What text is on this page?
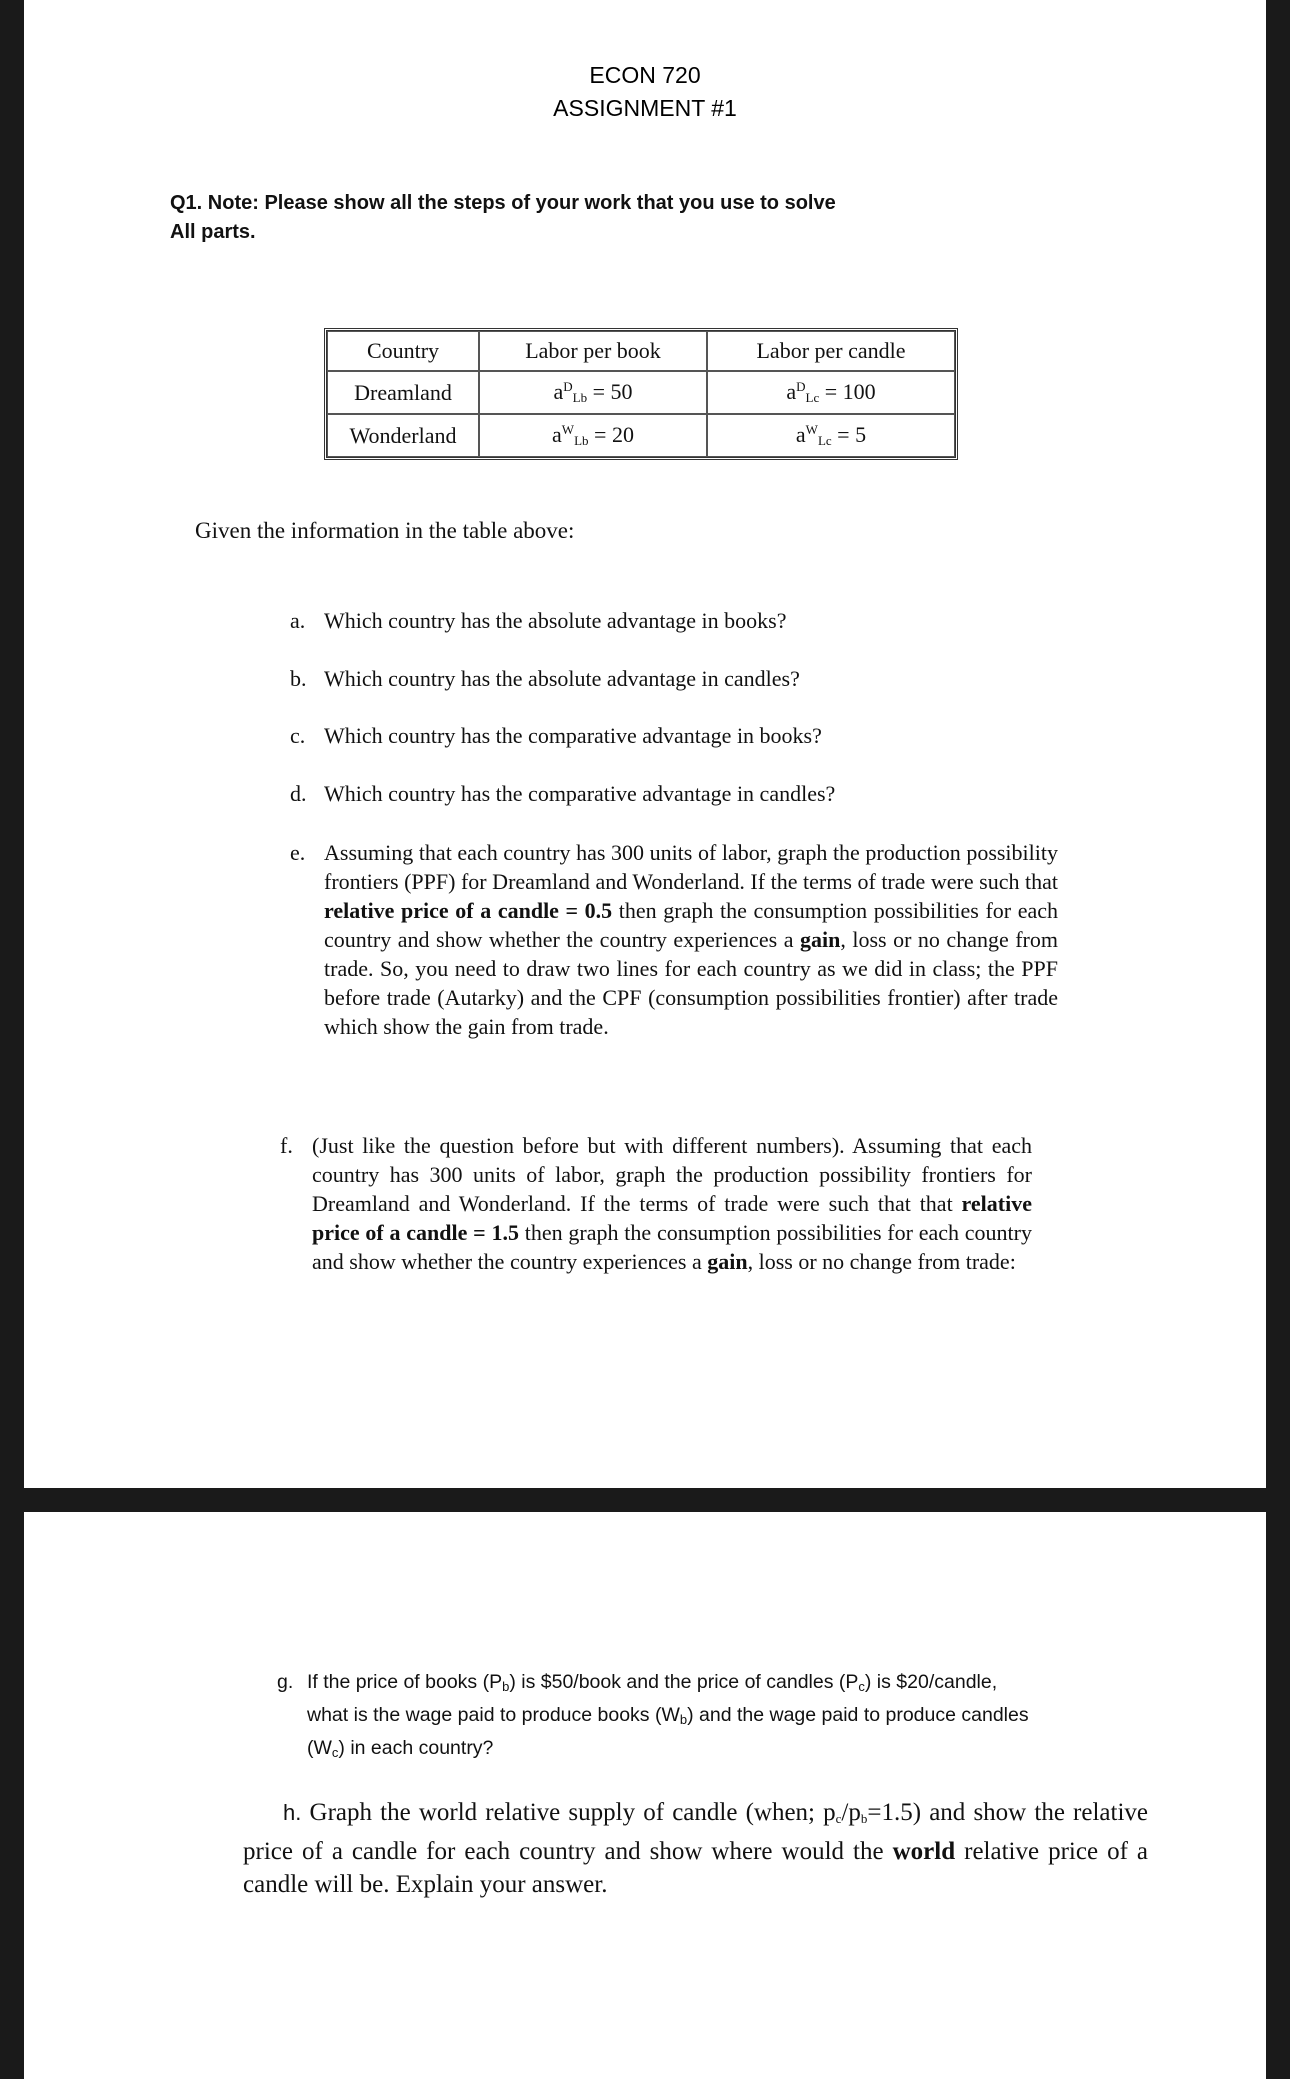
ECON 720
ASSIGNMENT #1
Q1. Note: Please show all the steps of your work that you use to solve
All parts.
Country	Labor per book	Labor per candle
Dreamland	$a^D_{Lb} = 50$	$a^D_{Lc} = 100$
Wonderland	$a^W_{Lb} = 20$	$a^W_{Lc} = 5$
Given the information in the table above:
a. Which country has the absolute advantage in books?
b. Which country has the absolute advantage in candles?
c. Which country has the comparative advantage in books?
d. Which country has the comparative advantage in candles?
e. Assuming that each country has 300 units of labor, graph the production possibility frontiers (PPF) for Dreamland and Wonderland. If the terms of trade were such that relative price of a candle = 0.5 then graph the consumption possibilities for each country and show whether the country experiences a gain, loss or no change from trade. So, you need to draw two lines for each country as we did in class; the PPF before trade (Autarky) and the CPF (consumption possibilities frontier) after trade which show the gain from trade.
f. (Just like the question before but with different numbers). Assuming that each country has 300 units of labor, graph the production possibility frontiers for Dreamland and Wonderland. If the terms of trade were such that that relative price of a candle = 1.5 then graph the consumption possibilities for each country and show whether the country experiences a gain, loss or no change from trade:
g. If the price of books $(P_b)$ is $50/book and the price of candles $(P_c)$ is $20/candle, what is the wage paid to produce books $(W_b)$ and the wage paid to produce candles $(W_c)$ in each country?
h. Graph the world relative supply of candle (when; $p_c/p_b=1.5$) and show the relative price of a candle for each country and show where would the world relative price of a candle will be. Explain your answer.
